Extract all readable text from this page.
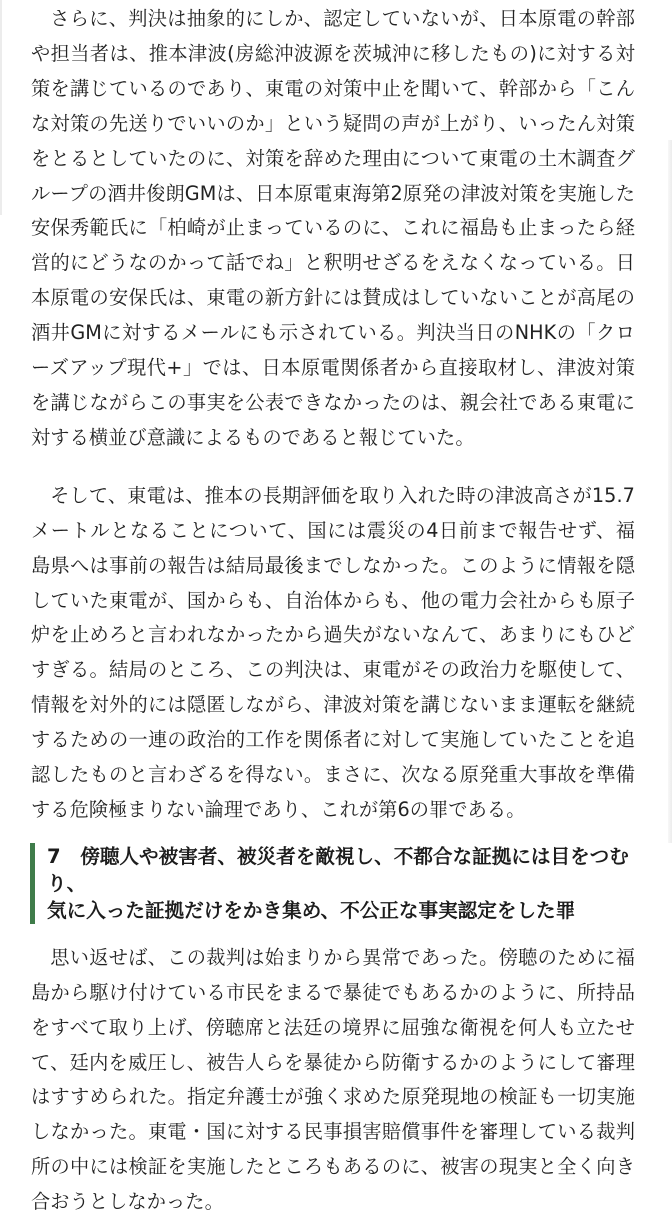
さらに、判決は抽象的にしか、認定していないが、日本原電の幹部や担当者は、推本津波(房総沖波源を茨城沖に移したもの)に対する対策を講じているのであり、東電の対策中止を聞いて、幹部から「こんな対策の先送りでいいのか」という疑問の声が上がり、いったん対策をとるとしていたのに、対策を辞めた理由について東電の土木調査グループの酒井俊朗GMは、日本原電東海第2原発の津波対策を実施した安保秀範氏に「柏崎が止まっているのに、これに福島も止まったら経営的にどうなのかって話でね」と釈明せざるをえなくなっている。日本原電の安保氏は、東電の新方針には賛成はしていないことが高尾の酒井GMに対するメールにも示されている。判決当日のNHKの「クローズアップ現代+」では、日本原電関係者から直接取材し、津波対策を講じながらこの事実を公表できなかったのは、親会社である東電に対する横並び意識によるものであると報じていた。

そして、東電は、推本の長期評価を取り入れた時の津波高さが15.7メートルとなることについて、国には震災の4日前まで報告せず、福島県へは事前の報告は結局最後までしなかった。このように情報を隠していた東電が、国からも、自治体からも、他の電力会社からも原子炉を止めろと言われなかったから過失がないなんて、あまりにもひどすぎる。結局のところ、この判決は、東電がその政治力を駆使して、情報を対外的には隠匿しながら、津波対策を講じないまま運転を継続するための一連の政治的工作を関係者に対して実施していたことを追認したものと言わざるを得ない。まさに、次なる原発重大事故を準備する危険極まりない論理であり、これが第6の罪である。

7　 傍聴人や被害者、被災者を敵視し、不都合な証拠には目をつむり、
気に入った証拠だけをかき集め、不公正な事実認定をした罪

思い返せば、この裁判は始まりから異常であった。傍聴のために福島から駆け付けている市民をまるで暴徒でもあるかのように、所持品をすべて取り上げ、傍聴席と法廷の境界に屈強な衛視を何人も立たせて、廷内を威圧し、被告人らを暴徒から防衛するかのようにして審理はすすめられた。指定弁護士が強く求めた原発現地の検証も一切実施しなかった。東電・国に対する民事損害賠償事件を審理している裁判所の中には検証を実施したところもあるのに、被害の現実と全く向き合おうとしなかった。
